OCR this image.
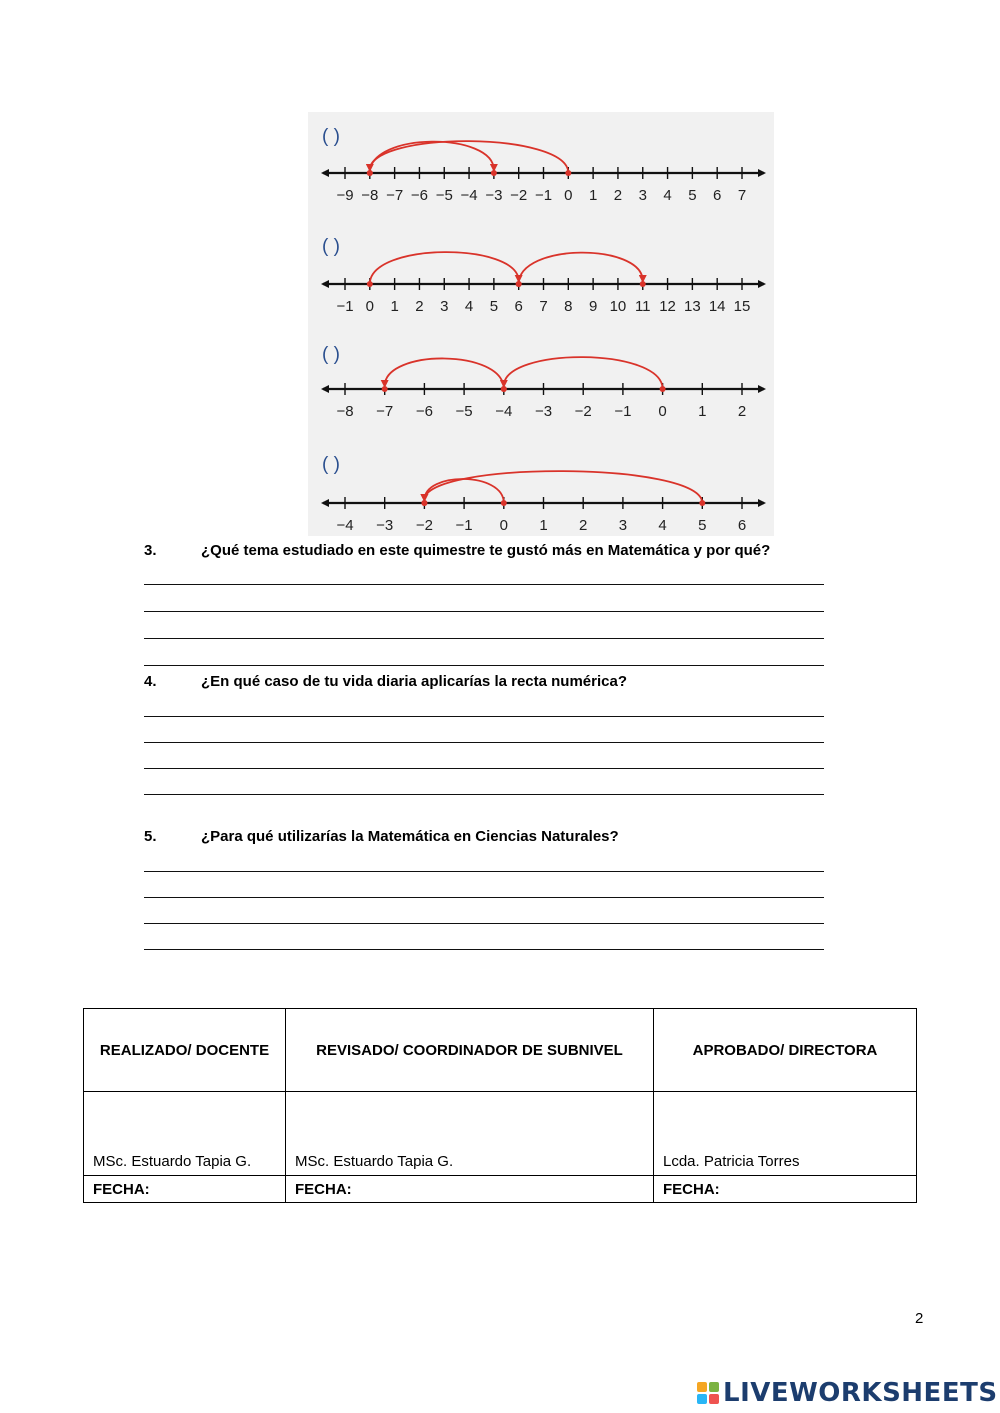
( )
−9 −8 −7 −6 −5 −4 −3 −2 −1 0 1 2 3 4 5 6 7
( )
−1 0 1 2 3 4 5 6 7 8 9 10 11 12 13 14 15
( )
−8 −7 −6 −5 −4 −3 −2 −1 0 1 2
( )
−4 −3 −2 −1 0 1 2 3 4 5 6
3.	¿Qué tema estudiado en este quimestre te gustó más en Matemática y por qué?
4.	¿En qué caso de tu vida diaria aplicarías la recta numérica?
5.	¿Para qué utilizarías la Matemática en Ciencias Naturales?
REALIZADO/ DOCENTE	REVISADO/ COORDINADOR DE SUBNIVEL	APROBADO/ DIRECTORA
MSc. Estuardo Tapia G.	MSc. Estuardo Tapia G.	Lcda. Patricia Torres
FECHA:	FECHA:	FECHA:
2
LIVEWORKSHEETS
